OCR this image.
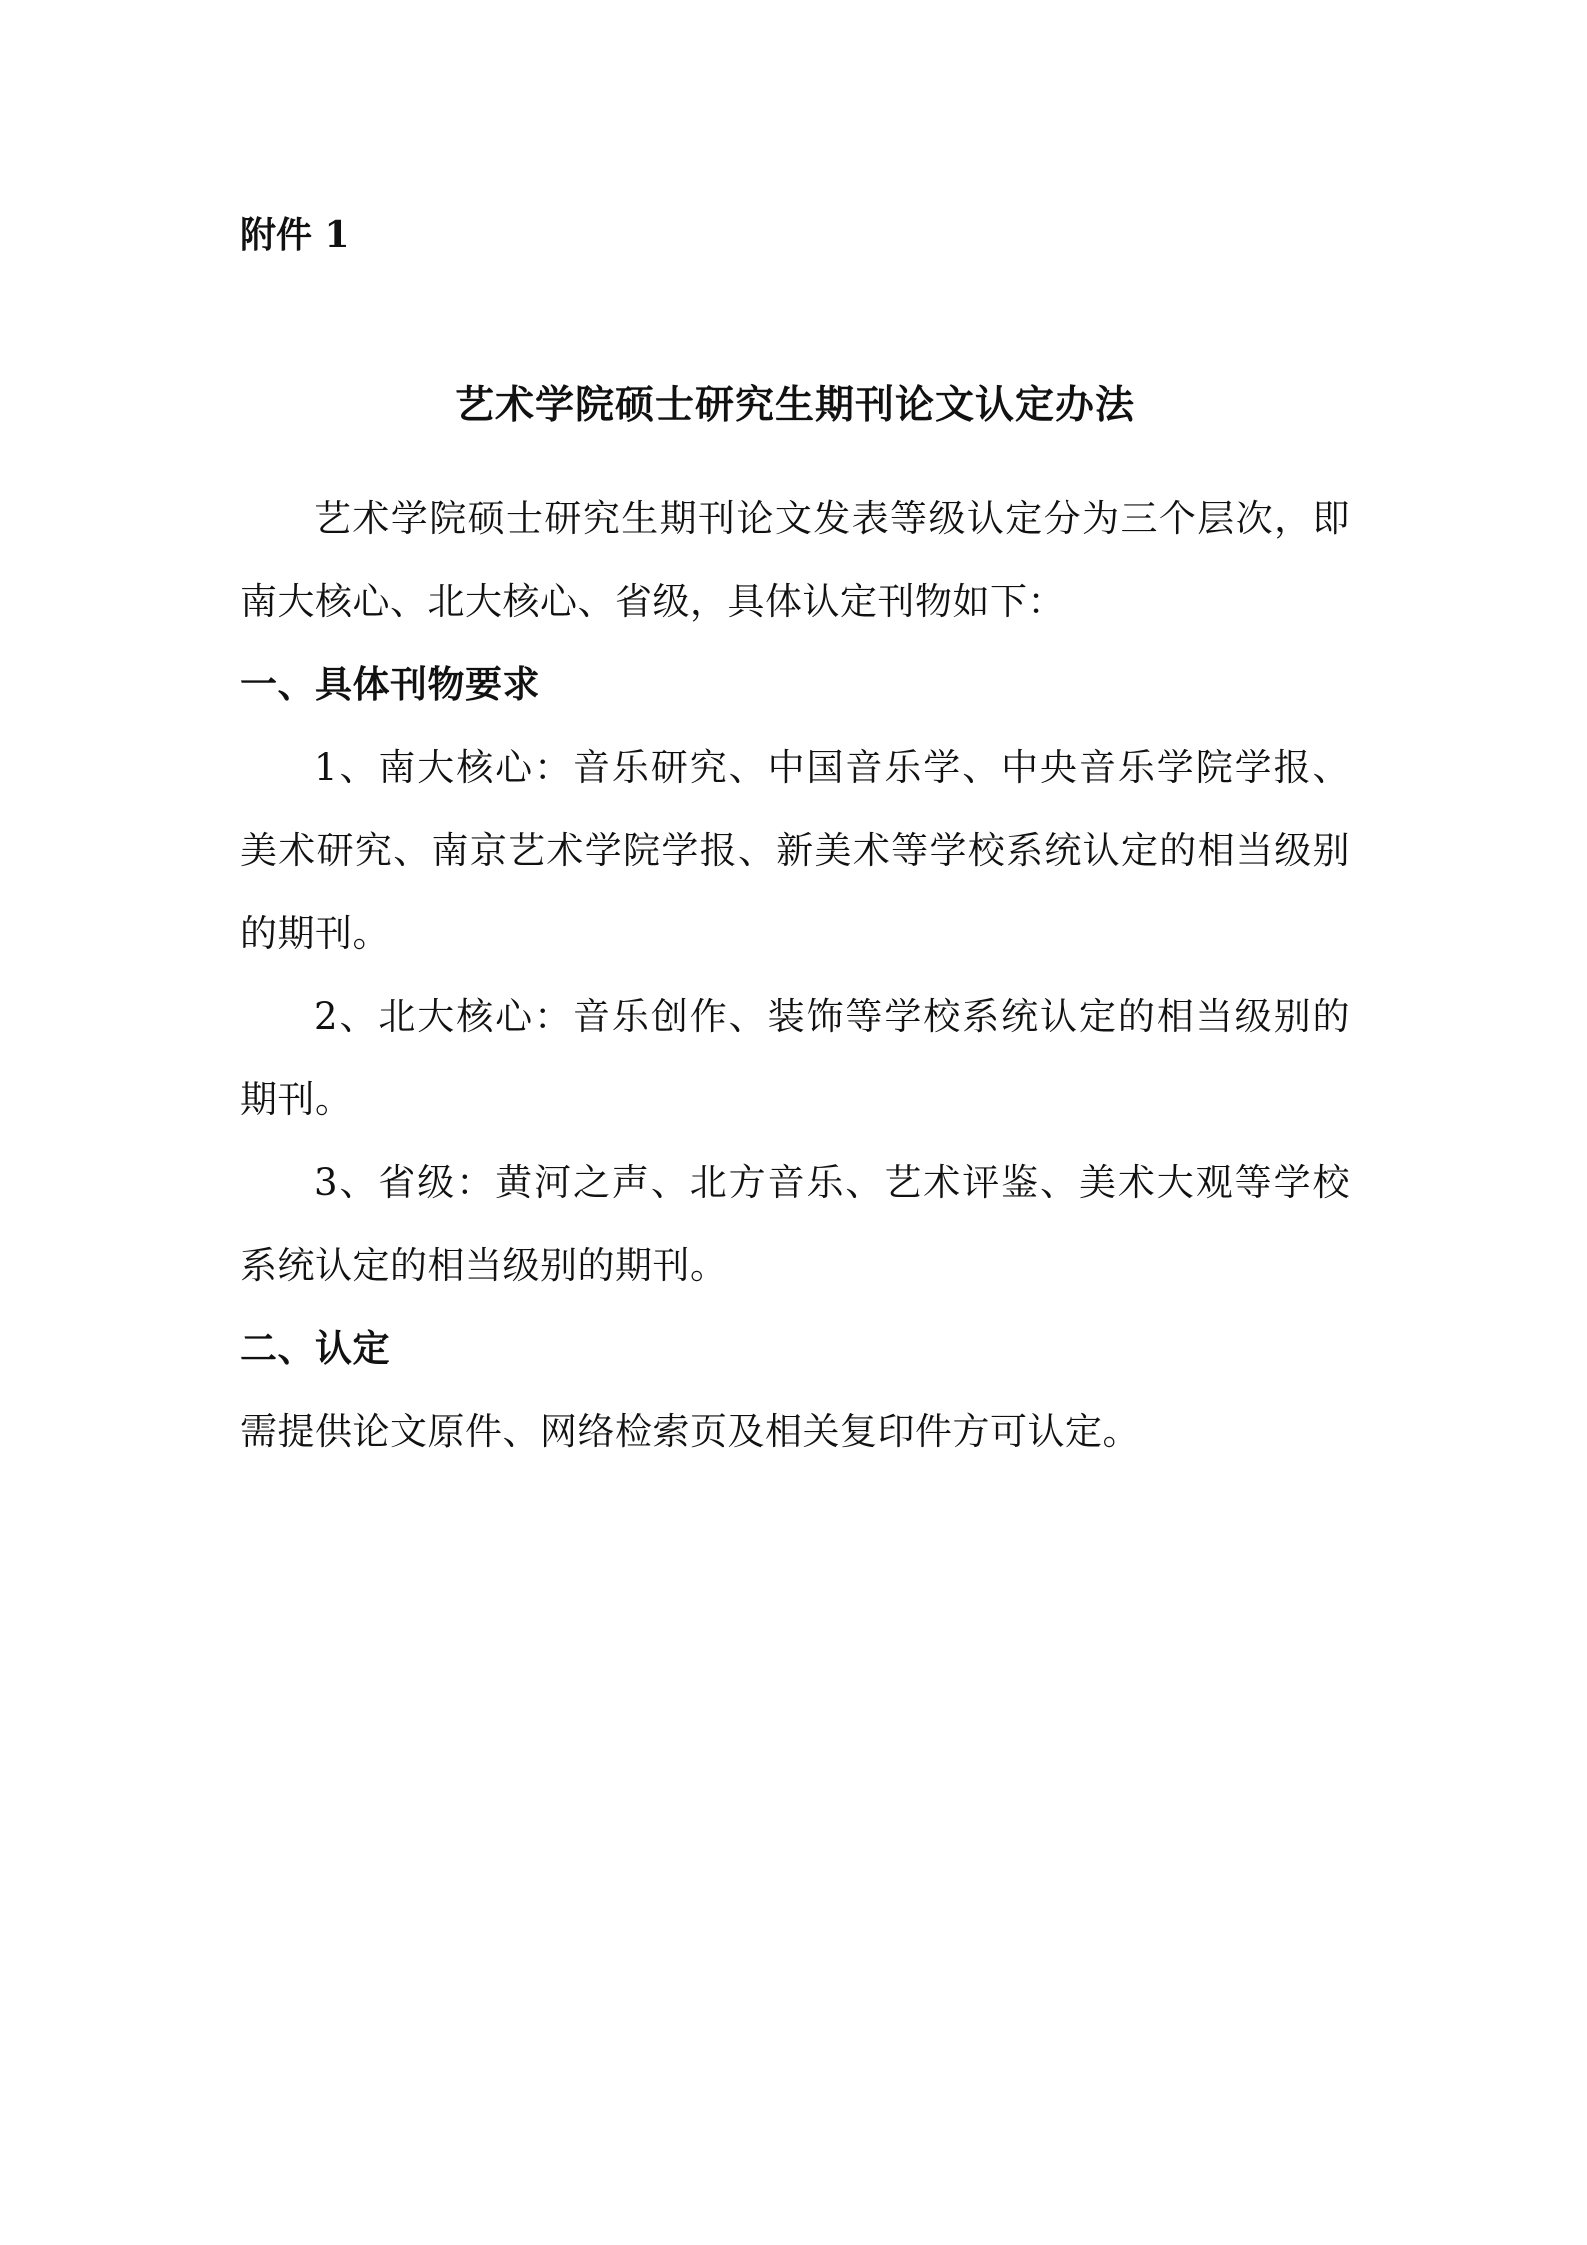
附件 1

艺术学院硕士研究生期刊论文认定办法

艺术学院硕士研究生期刊论文发表等级认定分为三个层次，即南大核心、北大核心、省级，具体认定刊物如下：

一、具体刊物要求

1、南大核心：音乐研究、中国音乐学、中央音乐学院学报、美术研究、南京艺术学院学报、新美术等学校系统认定的相当级别的期刊。

2、北大核心：音乐创作、装饰等学校系统认定的相当级别的期刊。

3、省级：黄河之声、北方音乐、艺术评鉴、美术大观等学校系统认定的相当级别的期刊。

二、认定

需提供论文原件、网络检索页及相关复印件方可认定。
